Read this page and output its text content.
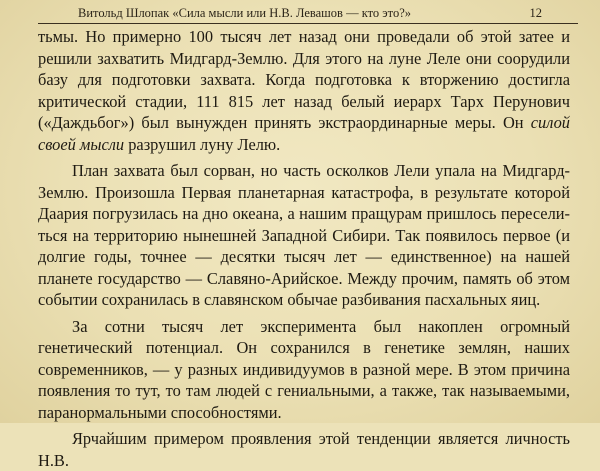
Витольд Шлопак «Сила мысли или Н.В. Левашов — кто это?»	12

тьмы. Но примерно 100 тысяч лет назад они проведали об этой затее и решили захватить Мидгард-Землю. Для этого на луне Леле они соорудили базу для подготовки захвата. Когда подготовка к вторжению достигла критической стадии, 111 815 лет назад белый иерарх Тарх Перунович («Даждьбог») был вынужден принять экстраординарные меры. Он силой своей мысли разрушил луну Лелю.

План захвата был сорван, но часть осколков Лели упала на Мидгард-Землю. Произошла Первая планетарная катастрофа, в результате которой Даария погрузилась на дно океана, а нашим пращурам пришлось переселиться на территорию нынешней Западной Сибири. Так появилось первое (и долгие годы, точнее — десятки тысяч лет — единственное) на нашей планете государство — Славяно-Арийское. Между прочим, память об этом событии сохранилась в славянском обычае разбивания пасхальных яиц.

За сотни тысяч лет эксперимента был накоплен огромный генетический потенциал. Он сохранился в генетике землян, наших современников, — у разных индивидуумов в разной мере. В этом причина появления то тут, то там людей с гениальными, а также, так называемыми, паранормальными способностями.

Ярчайшим примером проявления этой тенденции является личность Н.В.
